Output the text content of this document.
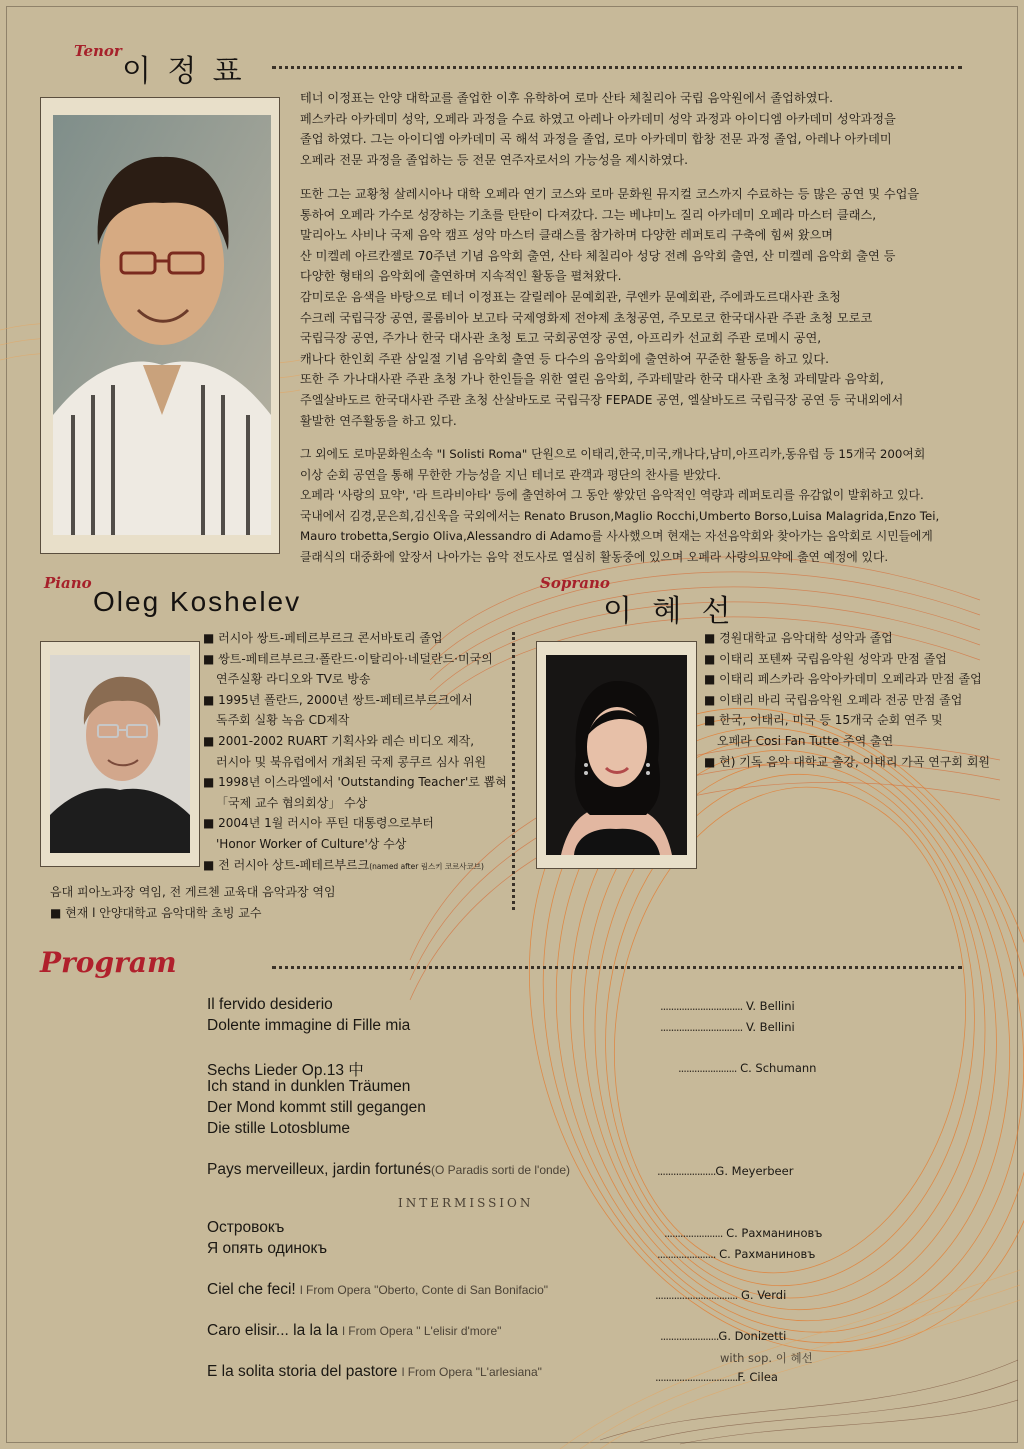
Tenor
이 정 표
테너 이정표는 안양 대학교를 졸업한 이후 유학하여 로마 산타 체칠리아 국립 음악원에서 졸업하였다.
페스카라 아카데미 성악, 오페라 과정을 수료 하였고 아레나 아카데미 성악 과정과 아이디엠 아카데미 성악과정을
졸업 하였다. 그는 아이디엠 아카데미 곡 해석 과정을 졸업, 로마 아카데미 합창 전문 과정 졸업, 아레나 아카데미
오페라 전문 과정을 졸업하는 등 전문 연주자로서의 가능성을 제시하였다.
또한 그는 교황청 살레시아나 대학 오페라 연기 코스와 로마 문화원 뮤지컬 코스까지 수료하는 등 많은 공연 및 수업을
통하여 오페라 가수로 성장하는 기초를 탄탄이 다져갔다. 그는 베냐미노 질리 아카데미 오페라 마스터 클래스,
말리아노 사비나 국제 음악 캠프 성악 마스터 클래스를 참가하며 다양한 레퍼토리 구축에 힘써 왔으며
산 미켈레 아르칸젤로 70주년 기념 음악회 출연, 산타 체칠리아 성당 전례 음악회 출연, 산 미켈레 음악회 출연 등
다양한 형태의 음악회에 출연하며 지속적인 활동을 펼쳐왔다.
감미로운 음색을 바탕으로 테너 이정표는 갈릴레아 문예회관, 쿠엔카 문예회관, 주에콰도르대사관 초청
수크레 국립극장 공연, 콜롬비아 보고타 국제영화제 전야제 초청공연, 주모로코 한국대사관 주관 초청 모로코
국립극장 공연, 주가나 한국 대사관 초청 토고 국회공연장 공연, 아프리카 선교회 주관 로메시 공연,
캐나다 한인회 주관 삼일절 기념 음악회 출연 등 다수의 음악회에 출연하여 꾸준한 활동을 하고 있다.
또한 주 가나대사관 주관 초청 가나 한인들을 위한 열린 음악회, 주과테말라 한국 대사관 초청 과테말라 음악회,
주엘살바도르 한국대사관 주관 초청 산살바도로 국립극장 FEPADE 공연, 엘살바도르 국립극장 공연 등 국내외에서
활발한 연주활동을 하고 있다.
그 외에도 로마문화원소속 "I Solisti Roma" 단원으로 이태리,한국,미국,캐나다,남미,아프리카,동유럽 등 15개국 200여회
이상 순회 공연을 통해 무한한 가능성을 지닌 테너로 관객과 평단의 찬사를 받았다.
오페라 '사랑의 묘약', '라 트라비아타' 등에 출연하여 그 동안 쌓았던 음악적인 역량과 레퍼토리를 유감없이 발휘하고 있다.
국내에서 김경,문은희,김신욱을 국외에서는 Renato Bruson,Maglio Rocchi,Umberto Borso,Luisa Malagrida,Enzo Tei,
Mauro trobetta,Sergio Oliva,Alessandro di Adamo를 사사했으며 현재는 자선음악회와 찾아가는 음악회로 시민들에게
클래식의 대중화에 앞장서 나아가는 음악 전도사로 열심히 활동중에 있으며 오페라 사랑의묘약에 출연 예정에 있다.
Piano
Oleg Koshelev
■ 러시아 쌍트-페테르부르크 콘서바토리 졸업
■ 쌍트-페테르부르크·폴란드·이탈리아·네덜란드·미국의
연주실황 라디오와 TV로 방송
■ 1995년 폴란드, 2000년 쌍트-페테르부르크에서
독주회 실황 녹음 CD제작
■ 2001-2002 RUART 기획사와 레슨 비디오 제작,
러시아 및 북유럽에서 개최된 국제 콩쿠르 심사 위원
■ 1998년 이스라엘에서 'Outstanding Teacher'로 뽑혀
「국제 교수 협의회상」 수상
■ 2004년 1월 러시아 푸틴 대통령으로부터
'Honor Worker of Culture'상 수상
■ 전 러시아 상트-페테르부르크(named after 림스키 코르사코브)
음대 피아노과장 역임, 전 게르첸 교육대 음악과장 역임
■ 현재 l 안양대학교 음악대학 초빙 교수
Soprano
이 혜 선
■ 경원대학교 음악대학 성악과 졸업
■ 이태리 포텐짜 국립음악원 성악과 만점 졸업
■ 이태리 페스카라 음악아카데미 오페라과 만점 졸업
■ 이태리 바리 국립음악원 오페라 전공 만점 졸업
■ 한국, 이태리, 미국 등 15개국 순회 연주 및
오페라 Cosi Fan Tutte 주역 출연
■ 현) 기독 음악 대학교 출강, 이태리 가곡 연구회 회원
Program
Il fervido desiderio	............................... V. Bellini
Dolente immagine di Fille mia	............................... V. Bellini
Sechs Lieder Op.13 中	...................... C. Schumann
Ich stand in dunklen Träumen
Der Mond kommt still gegangen
Die stille Lotosblume
Pays merveilleux, jardin fortunés(O Paradis sorti de l'onde)	......................G. Meyerbeer
INTERMISSION
Островокъ	...................... С. Рахманиновъ
Я опять одинокъ	...................... С. Рахманиновъ
Ciel che feci! l From Opera "Oberto, Conte di San Bonifacio"	............................... G. Verdi
Caro elisir... la la la l From Opera " L'elisir d'more"	......................G. Donizetti
with sop. 이 혜선
E la solita storia del pastore l From Opera "L'arlesiana"	...............................F. Cilea
